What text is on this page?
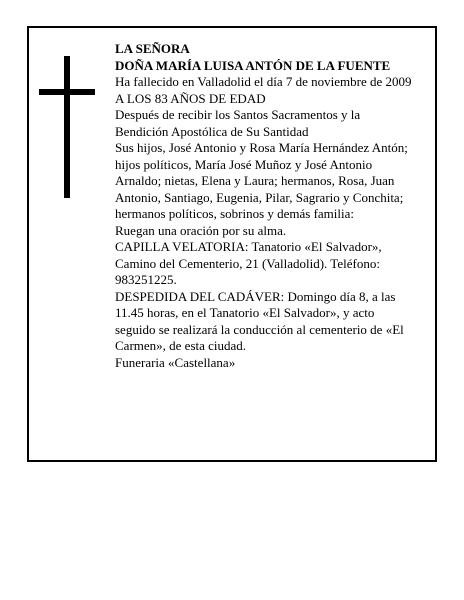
LA SEÑORA

DOÑA MARÍA LUISA ANTÓN DE LA FUENTE

Ha fallecido en Valladolid el día 7 de noviembre de 2009

A LOS 83 AÑOS DE EDAD

Después de recibir los Santos Sacramentos y la Bendición Apostólica de Su Santidad

Sus hijos, José Antonio y Rosa María Hernández Antón; hijos políticos, María José Muñoz y José Antonio Arnaldo; nietas, Elena y Laura; hermanos, Rosa, Juan Antonio, Santiago, Eugenia, Pilar, Sagrario y Conchita; hermanos políticos, sobrinos y demás familia:

Ruegan una oración por su alma.

CAPILLA VELATORIA: Tanatorio «El Salvador», Camino del Cementerio, 21 (Valladolid). Teléfono: 983251225.

DESPEDIDA DEL CADÁVER: Domingo día 8, a las 11.45 horas, en el Tanatorio «El Salvador», y acto seguido se realizará la conducción al cementerio de «El Carmen», de esta ciudad.

Funeraria «Castellana»
